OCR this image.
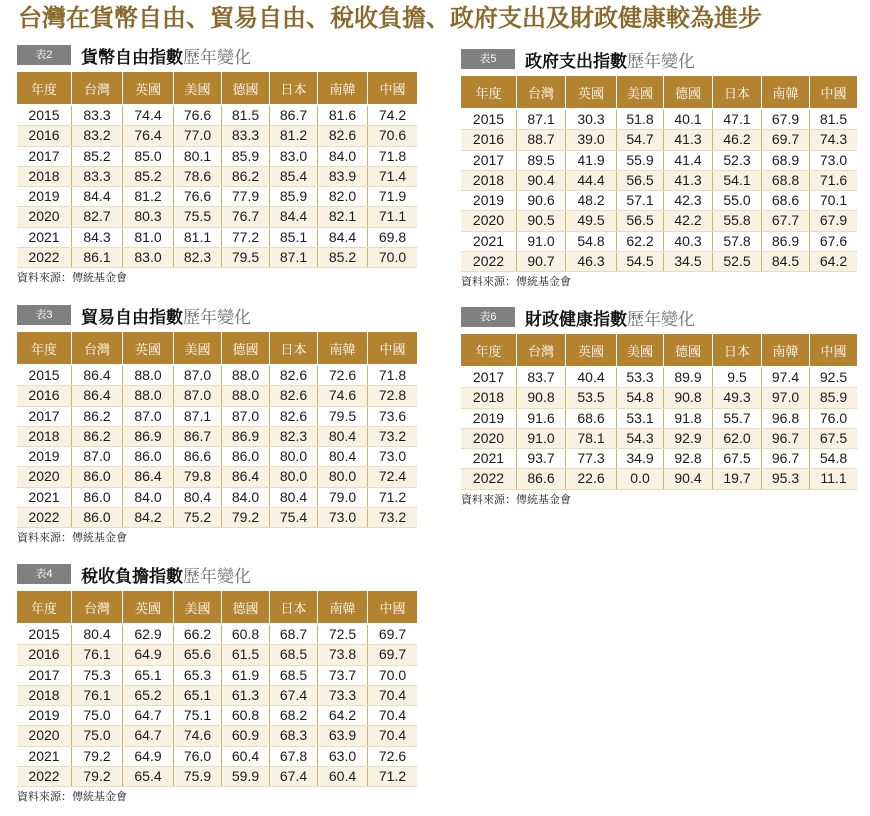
台灣在貨幣自由、貿易自由、稅收負擔、政府支出及財政健康較為進步
表2	貨幣自由指數 歷年變化
年度	台灣	英國	美國	德國	日本	南韓	中國
2015	83.3	74.4	76.6	81.5	86.7	81.6	74.2
2016	83.2	76.4	77.0	83.3	81.2	82.6	70.6
2017	85.2	85.0	80.1	85.9	83.0	84.0	71.8
2018	83.3	85.2	78.6	86.2	85.4	83.9	71.4
2019	84.4	81.2	76.6	77.9	85.9	82.0	71.9
2020	82.7	80.3	75.5	76.7	84.4	82.1	71.1
2021	84.3	81.0	81.1	77.2	85.1	84.4	69.8
2022	86.1	83.0	82.3	79.5	87.1	85.2	70.0
資料來源：傳統基金會
表3	貿易自由指數 歷年變化
年度	台灣	英國	美國	德國	日本	南韓	中國
2015	86.4	88.0	87.0	88.0	82.6	72.6	71.8
2016	86.4	88.0	87.0	88.0	82.6	74.6	72.8
2017	86.2	87.0	87.1	87.0	82.6	79.5	73.6
2018	86.2	86.9	86.7	86.9	82.3	80.4	73.2
2019	87.0	86.0	86.6	86.0	80.0	80.4	73.0
2020	86.0	86.4	79.8	86.4	80.0	80.0	72.4
2021	86.0	84.0	80.4	84.0	80.4	79.0	71.2
2022	86.0	84.2	75.2	79.2	75.4	73.0	73.2
資料來源：傳統基金會
表4	稅收負擔指數 歷年變化
年度	台灣	英國	美國	德國	日本	南韓	中國
2015	80.4	62.9	66.2	60.8	68.7	72.5	69.7
2016	76.1	64.9	65.6	61.5	68.5	73.8	69.7
2017	75.3	65.1	65.3	61.9	68.5	73.7	70.0
2018	76.1	65.2	65.1	61.3	67.4	73.3	70.4
2019	75.0	64.7	75.1	60.8	68.2	64.2	70.4
2020	75.0	64.7	74.6	60.9	68.3	63.9	70.4
2021	79.2	64.9	76.0	60.4	67.8	63.0	72.6
2022	79.2	65.4	75.9	59.9	67.4	60.4	71.2
資料來源：傳統基金會
表5	政府支出指數 歷年變化
年度	台灣	英國	美國	德國	日本	南韓	中國
2015	87.1	30.3	51.8	40.1	47.1	67.9	81.5
2016	88.7	39.0	54.7	41.3	46.2	69.7	74.3
2017	89.5	41.9	55.9	41.4	52.3	68.9	73.0
2018	90.4	44.4	56.5	41.3	54.1	68.8	71.6
2019	90.6	48.2	57.1	42.3	55.0	68.6	70.1
2020	90.5	49.5	56.5	42.2	55.8	67.7	67.9
2021	91.0	54.8	62.2	40.3	57.8	86.9	67.6
2022	90.7	46.3	54.5	34.5	52.5	84.5	64.2
資料來源：傳統基金會
表6	財政健康指數 歷年變化
年度	台灣	英國	美國	德國	日本	南韓	中國
2017	83.7	40.4	53.3	89.9	9.5	97.4	92.5
2018	90.8	53.5	54.8	90.8	49.3	97.0	85.9
2019	91.6	68.6	53.1	91.8	55.7	96.8	76.0
2020	91.0	78.1	54.3	92.9	62.0	96.7	67.5
2021	93.7	77.3	34.9	92.8	67.5	96.7	54.8
2022	86.6	22.6	0.0	90.4	19.7	95.3	11.1
資料來源：傳統基金會
